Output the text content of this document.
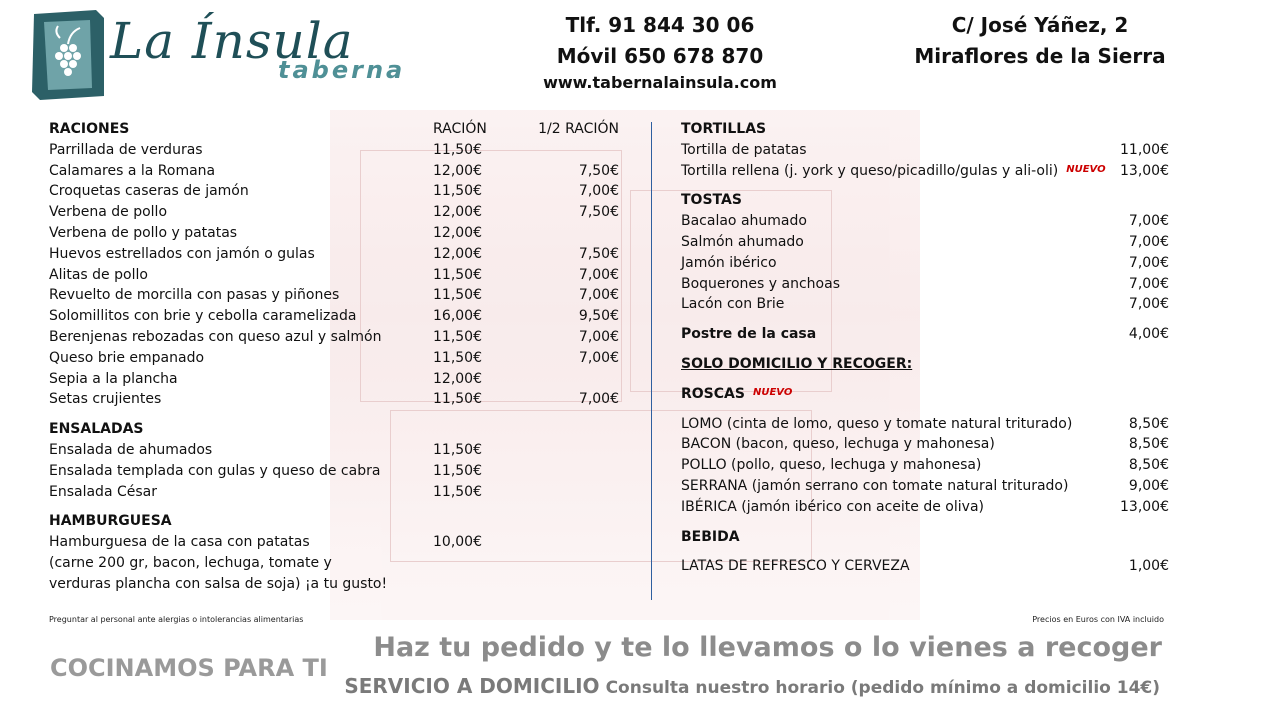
La Ínsula
taberna
Tlf. 91 844 30 06
Móvil 650 678 870
www.tabernalainsula.com
C/ José Yáñez, 2
Miraflores de la Sierra
RACIONES	RACIÓN	1/2 RACIÓN
Parrillada de verduras	11,50€
Calamares a la Romana	12,00€	7,50€
Croquetas caseras de jamón	11,50€	7,00€
Verbena de pollo	12,00€	7,50€
Verbena de pollo y patatas	12,00€
Huevos estrellados con jamón o gulas	12,00€	7,50€
Alitas de pollo	11,50€	7,00€
Revuelto de morcilla con pasas y piñones	11,50€	7,00€
Solomillitos con brie y cebolla caramelizada	16,00€	9,50€
Berenjenas rebozadas con queso azul y salmón	11,50€	7,00€
Queso brie empanado	11,50€	7,00€
Sepia a la plancha	12,00€
Setas crujientes	11,50€	7,00€
ENSALADAS
Ensalada de ahumados	11,50€
Ensalada templada con gulas y queso de cabra	11,50€
Ensalada César	11,50€
HAMBURGUESA
Hamburguesa de la casa con patatas	10,00€
(carne 200 gr, bacon, lechuga, tomate y
verduras plancha con salsa de soja) ¡a tu gusto!
TORTILLAS
Tortilla de patatas	11,00€
Tortilla rellena (j. york y queso/picadillo/gulas y ali-oli) $^{NUEVO}$ 13,00€
TOSTAS
Bacalao ahumado	7,00€
Salmón ahumado	7,00€
Jamón ibérico	7,00€
Boquerones y anchoas	7,00€
Lacón con Brie	7,00€
Postre de la casa	4,00€
SOLO DOMICILIO Y RECOGER:
ROSCAS $^{NUEVO}$
LOMO (cinta de lomo, queso y tomate natural triturado)	8,50€
BACON (bacon, queso, lechuga y mahonesa)	8,50€
POLLO (pollo, queso, lechuga y mahonesa)	8,50€
SERRANA (jamón serrano con tomate natural triturado)	9,00€
IBÉRICA (jamón ibérico con aceite de oliva)	13,00€
BEBIDA
LATAS DE REFRESCO Y CERVEZA	1,00€
Preguntar al personal ante alergias o intolerancias alimentarias	Precios en Euros con IVA incluido
COCINAMOS PARA TI
Haz tu pedido y te lo llevamos o lo vienes a recoger
SERVICIO A DOMICILIO Consulta nuestro horario (pedido mínimo a domicilio 14€)
